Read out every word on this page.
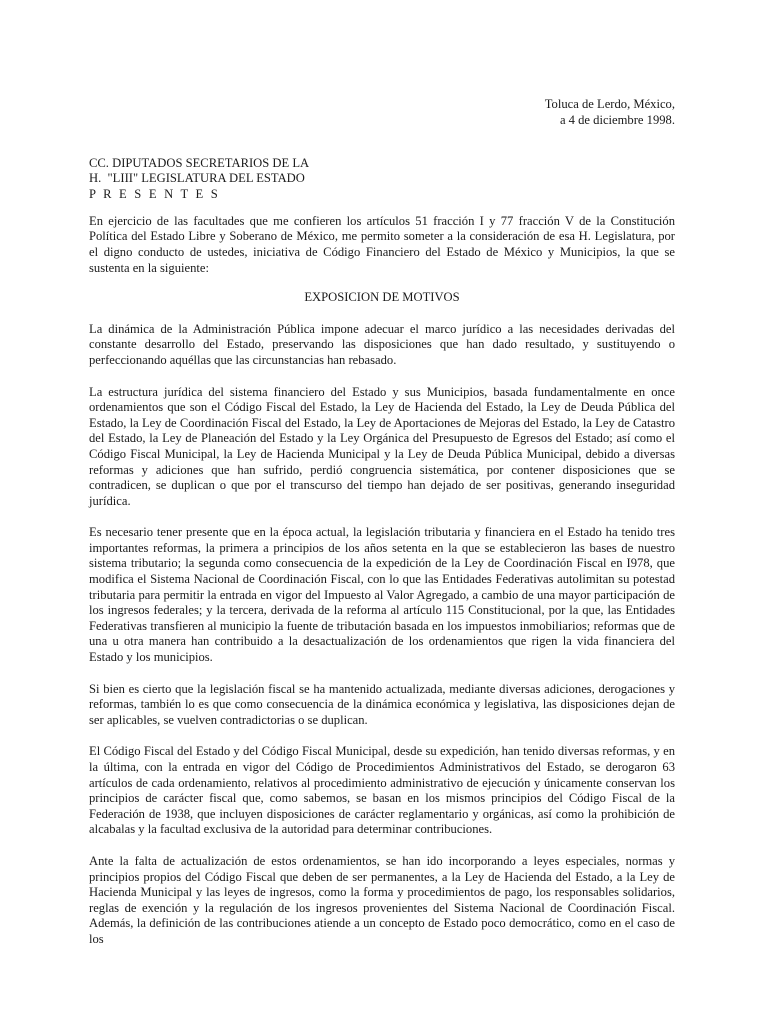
Toluca de Lerdo, México,
a 4 de diciembre 1998.
CC. DIPUTADOS SECRETARIOS DE LA
H.  "LIII" LEGISLATURA DEL ESTADO
P R E S E N T E S

En ejercicio de las facultades que me confieren los artículos 51 fracción I y 77 fracción V de la Constitución Política del Estado Libre y Soberano de México, me permito someter a la consideración de esa H. Legislatura, por el digno conducto de ustedes, iniciativa de Código Financiero del Estado de México y Municipios, la que se sustenta en la siguiente:

EXPOSICION DE MOTIVOS

La dinámica de la Administración Pública impone adecuar el marco jurídico a las necesidades derivadas del constante desarrollo del Estado, preservando las disposiciones que han dado resultado, y sustituyendo o perfeccionando aquéllas que las circunstancias han rebasado.

La estructura jurídica del sistema financiero del Estado y sus Municipios, basada fundamentalmente en once ordenamientos que son el Código Fiscal del Estado, la Ley de Hacienda del Estado, la Ley de Deuda Pública del Estado, la Ley de Coordinación Fiscal del Estado, la Ley de Aportaciones de Mejoras del Estado, la Ley de Catastro del Estado, la Ley de Planeación del Estado y la Ley Orgánica del Presupuesto de Egresos del Estado; así como el Código Fiscal Municipal, la Ley de Hacienda Municipal y la Ley de Deuda Pública Municipal, debido a diversas reformas y adiciones que han sufrido, perdió congruencia sistemática, por contener disposiciones que se contradicen, se duplican o que por el transcurso del tiempo han dejado de ser positivas, generando inseguridad jurídica.

Es necesario tener presente que en la época actual, la legislación tributaria y financiera en el Estado ha tenido tres importantes reformas, la primera a principios de los años setenta en la que se establecieron las bases de nuestro sistema tributario; la segunda como consecuencia de la expedición de la Ley de Coordinación Fiscal en I978, que modifica el Sistema Nacional de Coordinación Fiscal, con lo que las Entidades Federativas autolimitan su potestad tributaria para permitir la entrada en vigor del Impuesto al Valor Agregado, a cambio de una mayor participación de los ingresos federales; y la tercera, derivada de la reforma al artículo 115 Constitucional, por la que, las Entidades Federativas transfieren al municipio la fuente de tributación basada en los impuestos inmobiliarios; reformas que de una u otra manera han contribuido a la desactualización de los ordenamientos que rigen la vida financiera del Estado y los municipios.

Si bien es cierto que la legislación fiscal se ha mantenido actualizada, mediante diversas adiciones, derogaciones y reformas, también lo es que como consecuencia de la dinámica económica y legislativa, las disposiciones dejan de ser aplicables, se vuelven contradictorias o se duplican.

El Código Fiscal del Estado y del Código Fiscal Municipal, desde su expedición, han tenido diversas reformas, y en la última, con la entrada en vigor del Código de Procedimientos Administrativos del Estado, se derogaron 63 artículos de cada ordenamiento, relativos al procedimiento administrativo de ejecución y únicamente conservan los principios de carácter fiscal que, como sabemos, se basan en los mismos principios del Código Fiscal de la Federación de 1938, que incluyen disposiciones de carácter reglamentario y orgánicas, así como la prohibición de alcabalas y la facultad exclusiva de la autoridad para determinar contribuciones.

Ante la falta de actualización de estos ordenamientos, se han ido incorporando a leyes especiales, normas y principios propios del Código Fiscal que deben de ser permanentes, a la Ley de Hacienda del Estado, a la Ley de Hacienda Municipal y las leyes de ingresos, como la forma y procedimientos de pago, los responsables solidarios, reglas de exención y la regulación de los ingresos provenientes del Sistema Nacional de Coordinación Fiscal. Además, la definición de las contribuciones atiende a un concepto de Estado poco democrático, como en el caso de los
